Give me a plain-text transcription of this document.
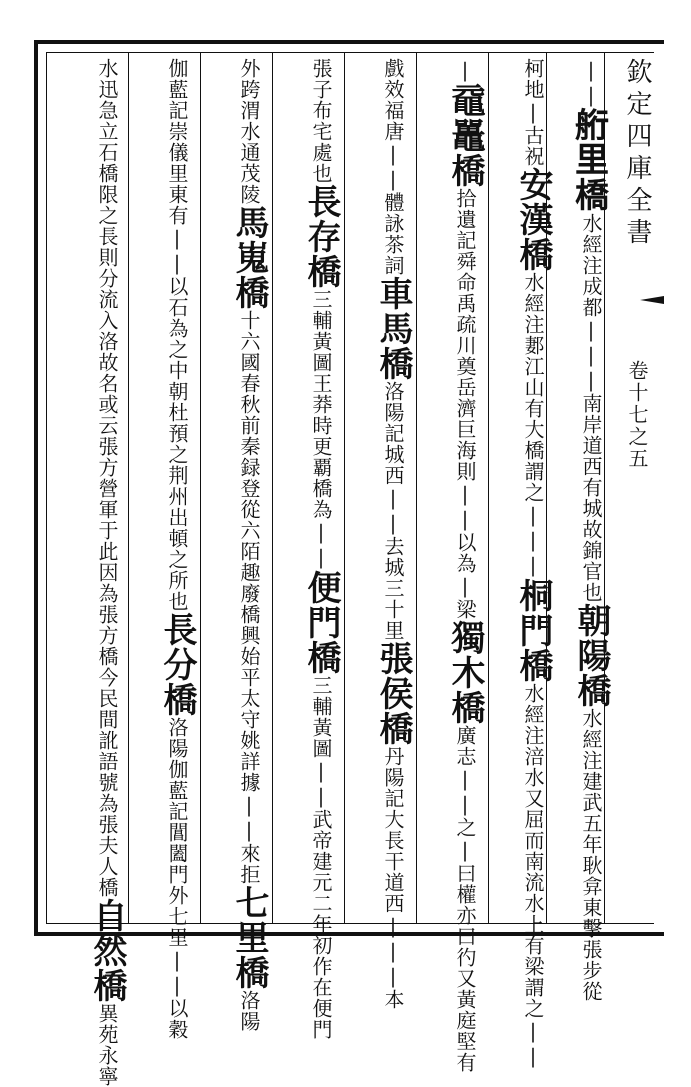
欽定四庫全書卷十七之五
||𦨵里橋水經注成都|||南岸道西有城故錦官也朝陽橋水經注建武五年耿弇東擊張步從
柯地|古祝安漢橋水經注郪江山有大橋謂之|||桐門橋水經注涪水又屈而南流水上有梁謂之||
|黿鼉橋拾遺記舜命禹疏川奠岳濟巨海則||以為|梁獨木橋廣志||之|曰權亦曰彴又黃庭堅有
戲效福唐||體詠茶詞車馬橋洛陽記城西||去城三十里張侯橋丹陽記大長干道西|||本
張子布宅處也長存橋三輔黃圖王莽時更覇橋為||便門橋三輔黃圖||武帝建元二年初作在便門
外跨渭水通茂陵馬嵬橋十六國春秋前秦録登從六陌趣廢橋興始平太守姚詳據||來拒七里橋洛陽
伽藍記崇儀里東有||以石為之中朝杜預之荆州出頓之所也長分橋洛陽伽藍記閶闔門外七里||以穀
水迅急立石橋限之長則分流入洛故名或云張方營軍于此因為張方橋今民間訛語號為張夫人橋自然橋異苑永寧
